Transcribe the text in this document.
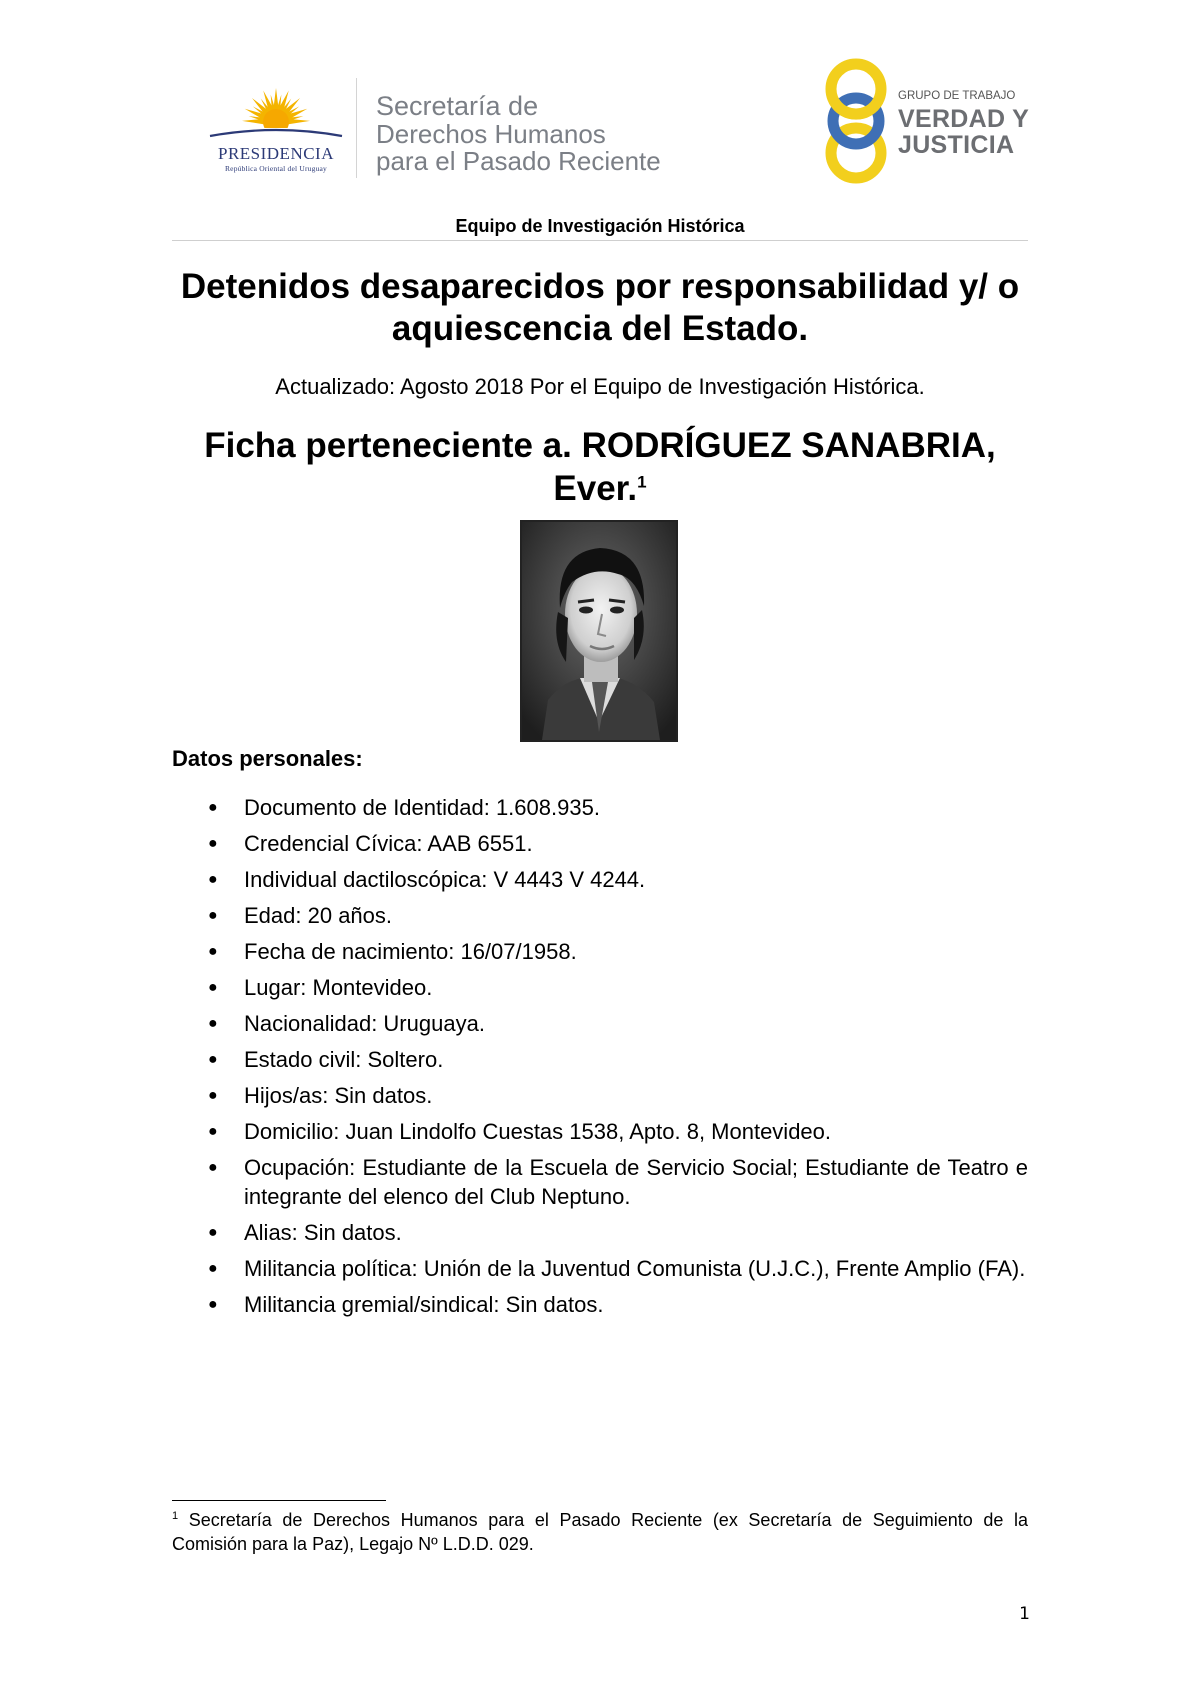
PRESIDENCIA
República Oriental del Uruguay
Secretaría de
Derechos Humanos
para el Pasado Reciente
GRUPO DE TRABAJO
VERDAD Y
JUSTICIA
Equipo de Investigación Histórica
Detenidos desaparecidos por responsabilidad y/ o aquiescencia del Estado.
Actualizado: Agosto 2018 Por el Equipo de Investigación Histórica.
Ficha perteneciente a. RODRÍGUEZ SANABRIA,
Ever.$^1$
Datos personales:
● Documento de Identidad: 1.608.935.
● Credencial Cívica: AAB 6551.
● Individual dactiloscópica: V 4443 V 4244.
● Edad: 20 años.
● Fecha de nacimiento: 16/07/1958.
● Lugar: Montevideo.
● Nacionalidad: Uruguaya.
● Estado civil: Soltero.
● Hijos/as: Sin datos.
● Domicilio: Juan Lindolfo Cuestas 1538, Apto. 8, Montevideo.
● Ocupación: Estudiante de la Escuela de Servicio Social; Estudiante de Teatro e integrante del elenco del Club Neptuno.
● Alias: Sin datos.
● Militancia política: Unión de la Juventud Comunista (U.J.C.), Frente Amplio (FA).
● Militancia gremial/sindical: Sin datos.
$^1$ Secretaría de Derechos Humanos para el Pasado Reciente (ex Secretaría de Seguimiento de la Comisión para la Paz), Legajo Nº L.D.D. 029.
1
